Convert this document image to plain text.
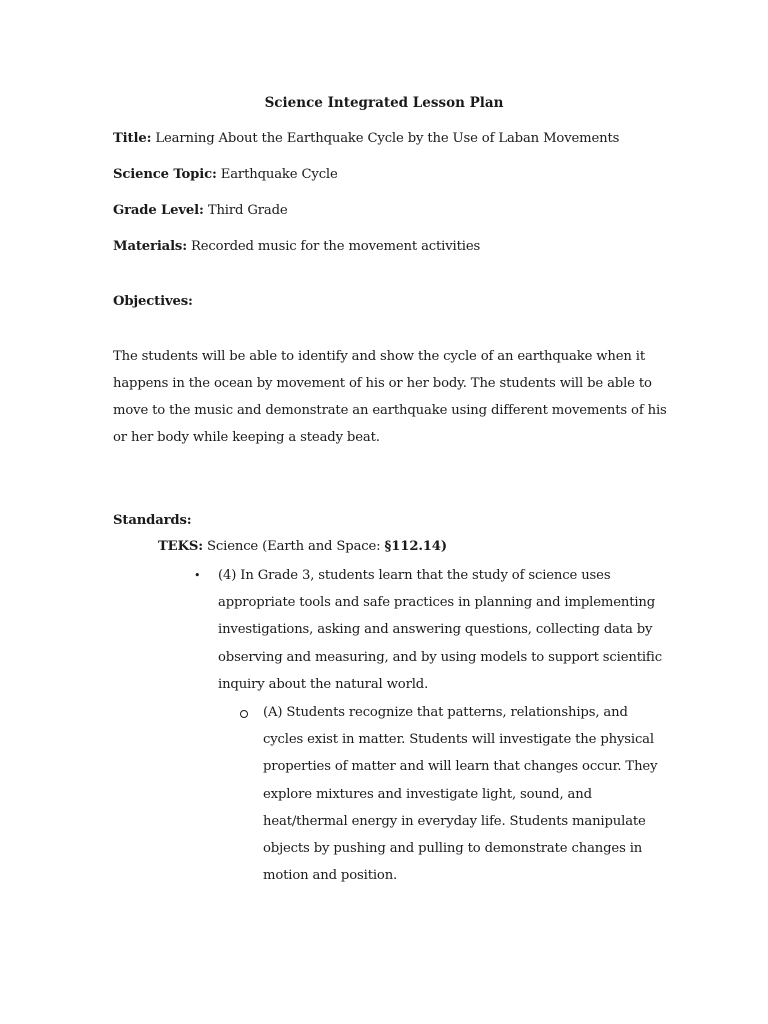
Science Integrated Lesson Plan
Title: Learning About the Earthquake Cycle by the Use of Laban Movements
Science Topic: Earthquake Cycle
Grade Level: Third Grade
Materials: Recorded music for the movement activities
Objectives:
The students will be able to identify and show the cycle of an earthquake when it
happens in the ocean by movement of his or her body. The students will be able to
move to the music and demonstrate an earthquake using different movements of his
or her body while keeping a steady beat.
Standards:
TEKS: Science (Earth and Space: §112.14)
• (4) In Grade 3, students learn that the study of science uses
appropriate tools and safe practices in planning and implementing
investigations, asking and answering questions, collecting data by
observing and measuring, and by using models to support scientific
inquiry about the natural world.
(A) Students recognize that patterns, relationships, and
cycles exist in matter. Students will investigate the physical
properties of matter and will learn that changes occur. They
explore mixtures and investigate light, sound, and
heat/thermal energy in everyday life. Students manipulate
objects by pushing and pulling to demonstrate changes in
motion and position.
